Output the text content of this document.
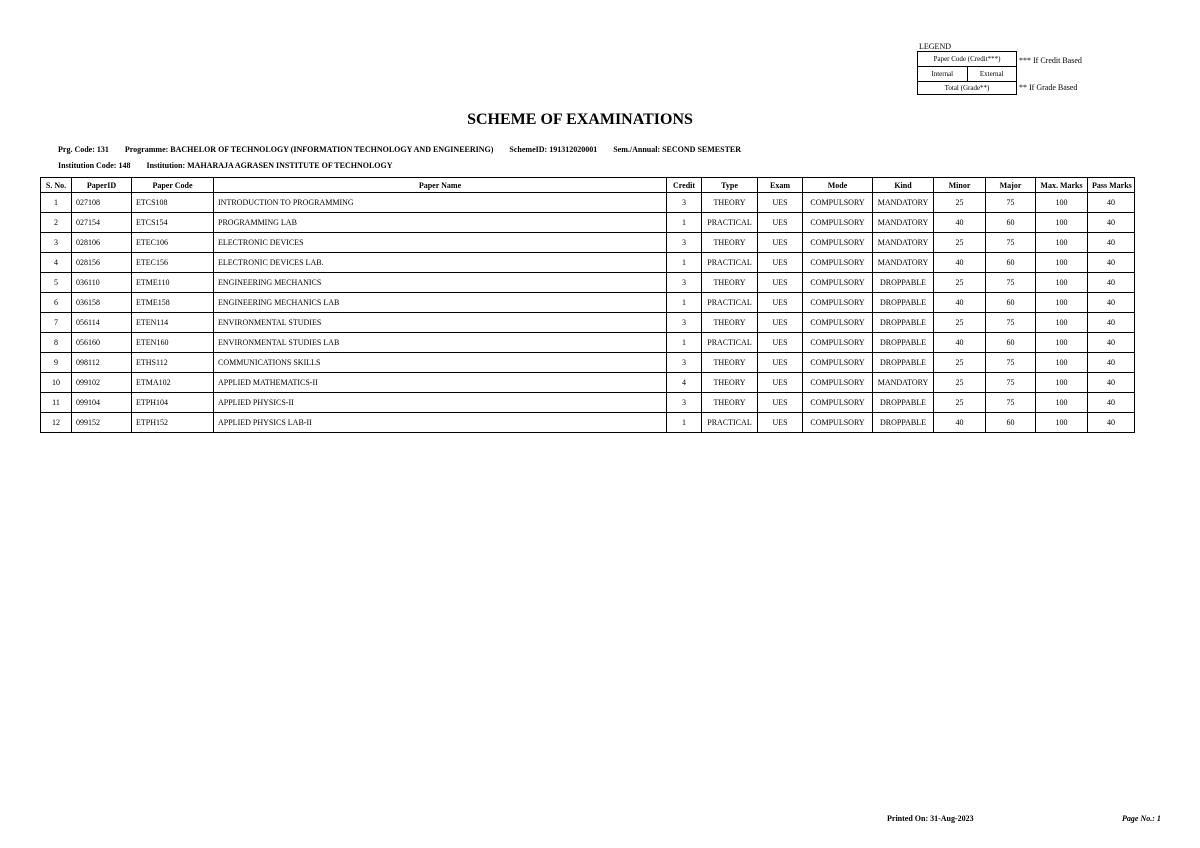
LEGEND
Paper Code (Credit***)
Internal	External
Total (Grade**)
*** If Credit Based
** If Grade Based
SCHEME OF EXAMINATIONS
Prg. Code: 131 Programme: BACHELOR OF TECHNOLOGY (INFORMATION TECHNOLOGY AND ENGINEERING) SchemeID: 191312020001 Sem./Annual: SECOND SEMESTER
Institution Code: 148 Institution: MAHARAJA AGRASEN INSTITUTE OF TECHNOLOGY
S. No.	PaperID	Paper Code	Paper Name	Credit	Type	Exam	Mode	Kind	Minor	Major	Max. Marks	Pass Marks
1	027108	ETCS108	INTRODUCTION TO PROGRAMMING	3	THEORY	UES	COMPULSORY	MANDATORY	25	75	100	40
2	027154	ETCS154	PROGRAMMING LAB	1	PRACTICAL	UES	COMPULSORY	MANDATORY	40	60	100	40
3	028106	ETEC106	ELECTRONIC DEVICES	3	THEORY	UES	COMPULSORY	MANDATORY	25	75	100	40
4	028156	ETEC156	ELECTRONIC DEVICES LAB.	1	PRACTICAL	UES	COMPULSORY	MANDATORY	40	60	100	40
5	036110	ETME110	ENGINEERING MECHANICS	3	THEORY	UES	COMPULSORY	DROPPABLE	25	75	100	40
6	036158	ETME158	ENGINEERING MECHANICS LAB	1	PRACTICAL	UES	COMPULSORY	DROPPABLE	40	60	100	40
7	056114	ETEN114	ENVIRONMENTAL STUDIES	3	THEORY	UES	COMPULSORY	DROPPABLE	25	75	100	40
8	056160	ETEN160	ENVIRONMENTAL STUDIES LAB	1	PRACTICAL	UES	COMPULSORY	DROPPABLE	40	60	100	40
9	098112	ETHS112	COMMUNICATIONS SKILLS	3	THEORY	UES	COMPULSORY	DROPPABLE	25	75	100	40
10	099102	ETMA102	APPLIED MATHEMATICS-II	4	THEORY	UES	COMPULSORY	MANDATORY	25	75	100	40
11	099104	ETPH104	APPLIED PHYSICS-II	3	THEORY	UES	COMPULSORY	DROPPABLE	25	75	100	40
12	099152	ETPH152	APPLIED PHYSICS LAB-II	1	PRACTICAL	UES	COMPULSORY	DROPPABLE	40	60	100	40
Printed On: 31-Aug-2023	Page No.: 1
